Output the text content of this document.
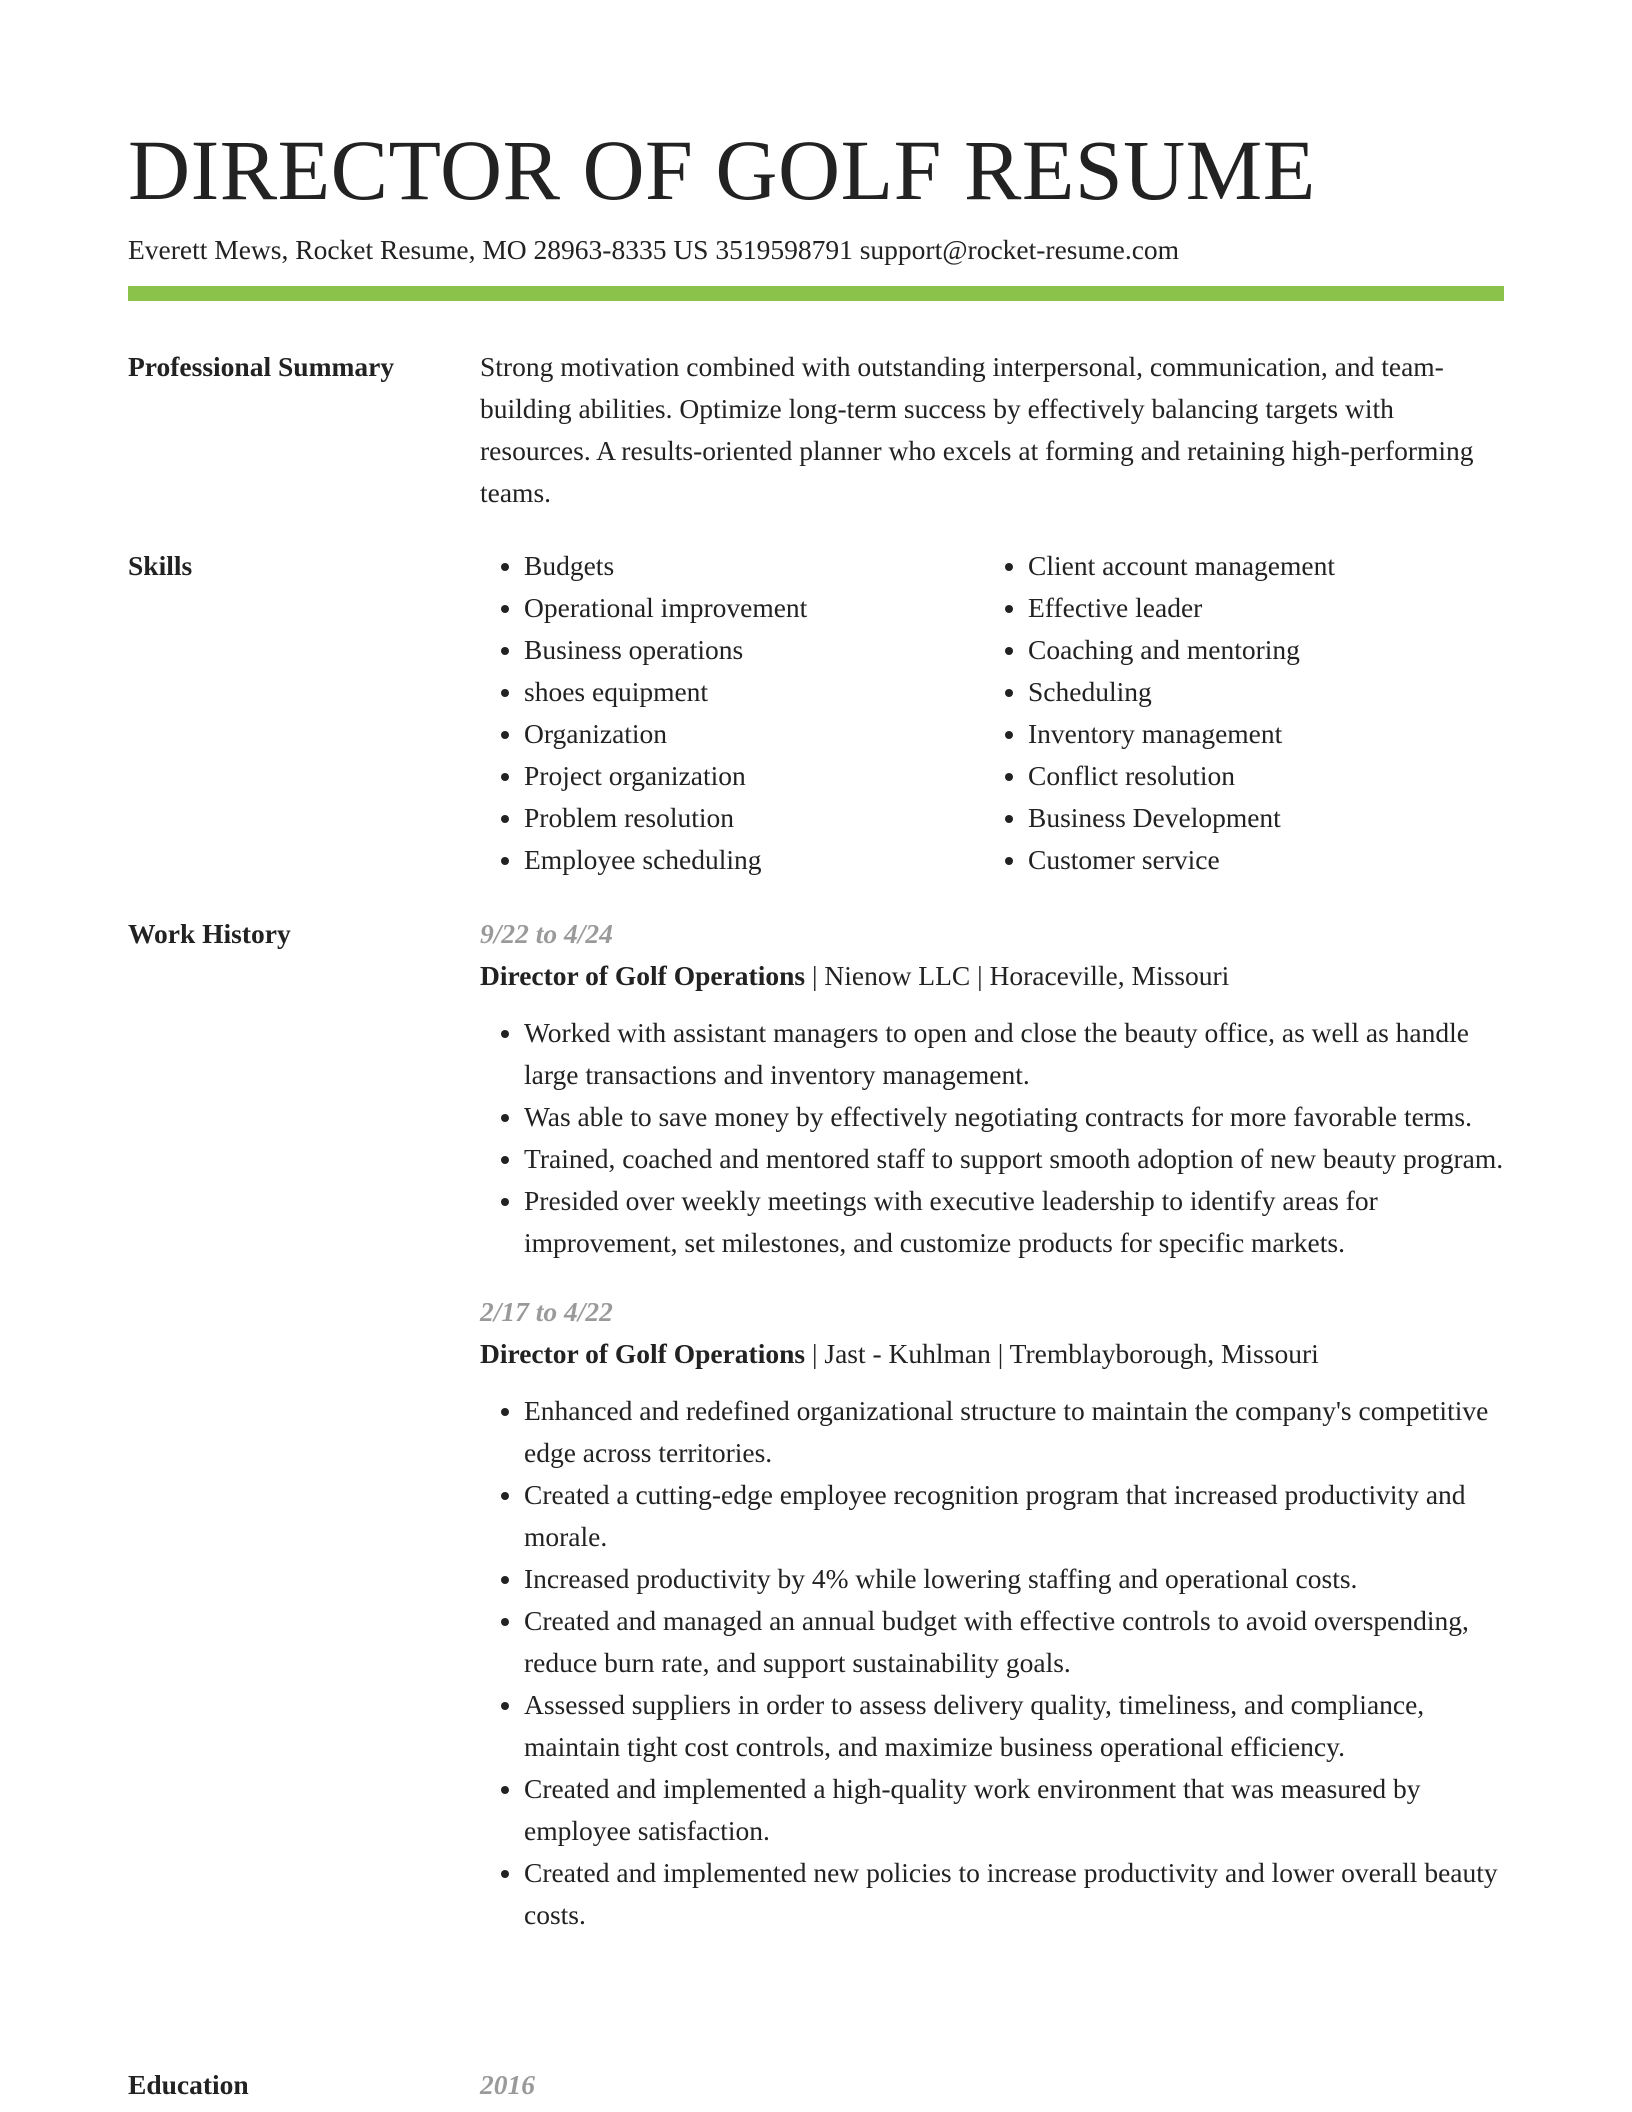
DIRECTOR OF GOLF RESUME
Everett Mews, Rocket Resume, MO 28963-8335 US 3519598791 support@rocket-resume.com
Professional Summary	Strong motivation combined with outstanding interpersonal, communication, and team-building abilities. Optimize long-term success by effectively balancing targets with resources. A results-oriented planner who excels at forming and retaining high-performing teams.

Skills
•	Budgets
• Operational improvement
• Business operations
• shoes equipment
• Organization
• Project organization
• Problem resolution
• Employee scheduling
• Client account management
• Effective leader
• Coaching and mentoring
• Scheduling
• Inventory management
• Conflict resolution
• Business Development
• Customer service
Work History	9/22 to 4/24

Director of Golf Operations | Nienow LLC | Horaceville, Missouri

• Worked with assistant managers to open and close the beauty office, as well as handle large transactions and inventory management.
• Was able to save money by effectively negotiating contracts for more favorable terms.
• Trained, coached and mentored staff to support smooth adoption of new beauty program.
• Presided over weekly meetings with executive leadership to identify areas for improvement, set milestones, and customize products for specific markets.
2/17 to 4/22

Director of Golf Operations | Jast - Kuhlman | Tremblayborough, Missouri

• Enhanced and redefined organizational structure to maintain the company's competitive edge across territories.
• Created a cutting-edge employee recognition program that increased productivity and morale.
• Increased productivity by 4% while lowering staffing and operational costs.
• Created and managed an annual budget with effective controls to avoid overspending, reduce burn rate, and support sustainability goals.
• Assessed suppliers in order to assess delivery quality, timeliness, and compliance, maintain tight cost controls, and maximize business operational efficiency.
• Created and implemented a high-quality work environment that was measured by employee satisfaction.
• Created and implemented new policies to increase productivity and lower overall beauty costs.
Education	2016
